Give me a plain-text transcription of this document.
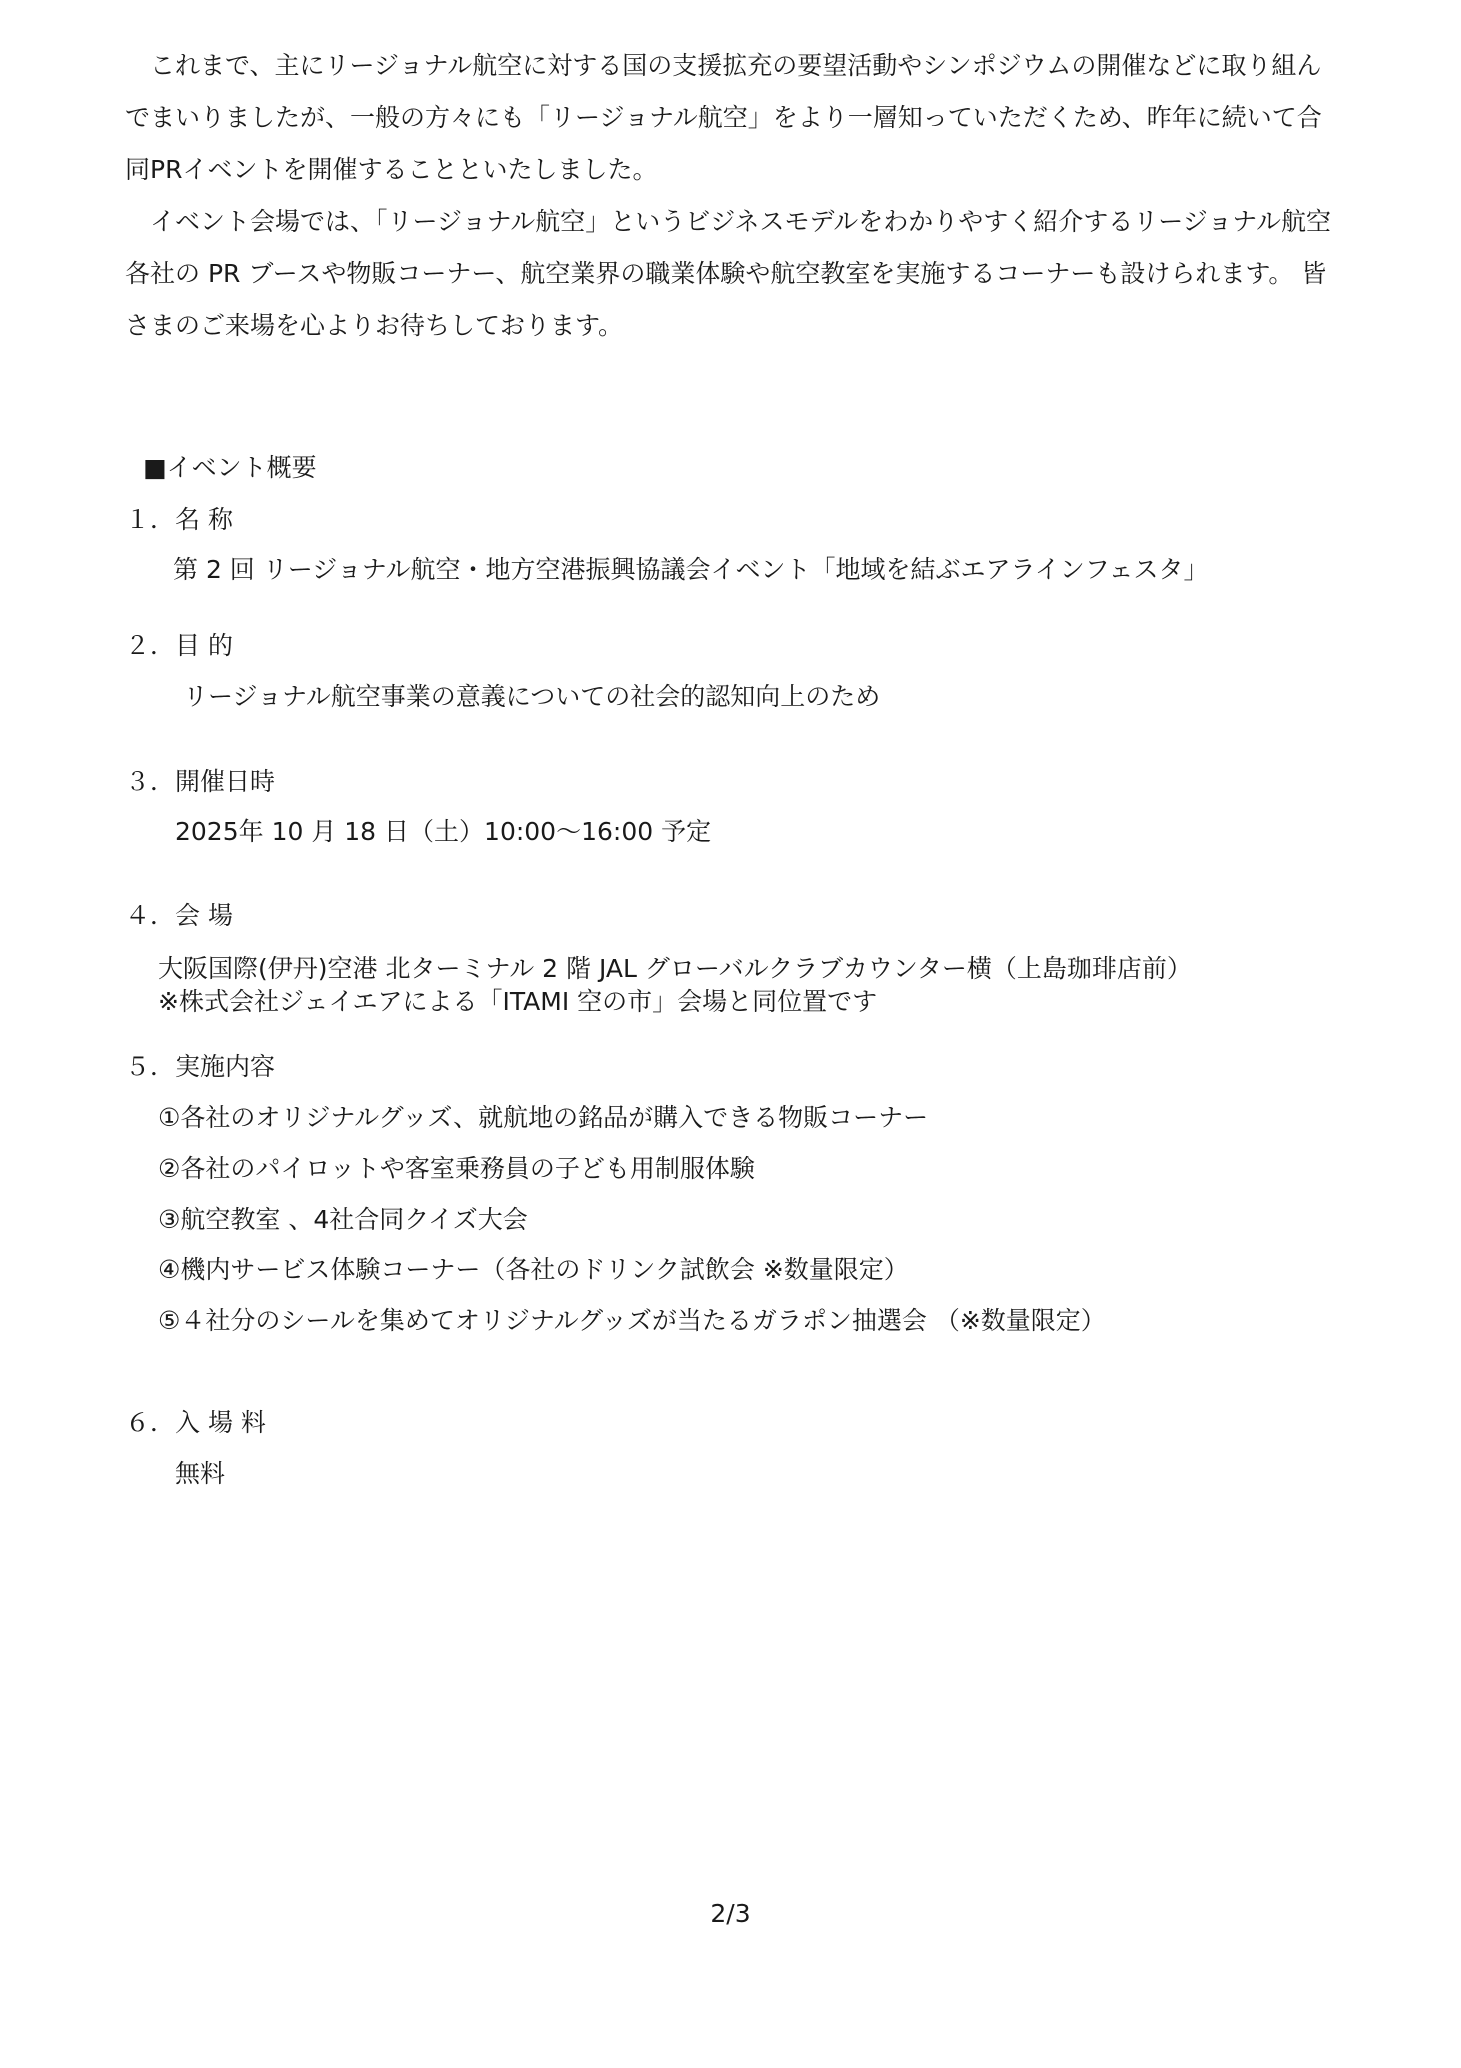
これまで、主にリージョナル航空に対する国の支援拡充の要望活動やシンポジウムの開催などに取り組んでまいりましたが、一般の方々にも「リージョナル航空」をより一層知っていただくため、昨年に続いて合同PRイベントを開催することといたしました。

イベント会場では、「リージョナル航空」というビジネスモデルをわかりやすく紹介するリージョナル航空各社の PR ブースや物販コーナー、航空業界の職業体験や航空教室を実施するコーナーも設けられます。 皆さまのご来場を心よりお待ちしております。

■イベント概要
１．名 称
第 2 回 リージョナル航空・地方空港振興協議会イベント「地域を結ぶエアラインフェスタ」
２．目 的
リージョナル航空事業の意義についての社会的認知向上のため
３．開催日時
2025年 10 月 18 日（土）10:00〜16:00 予定
４．会 場
大阪国際(伊丹)空港 北ターミナル 2 階 JAL グローバルクラブカウンター横（上島珈琲店前）
※株式会社ジェイエアによる「ITAMI 空の市」会場と同位置です
５．実施内容
①各社のオリジナルグッズ、就航地の銘品が購入できる物販コーナー
②各社のパイロットや客室乗務員の子ども用制服体験
③航空教室 、4社合同クイズ大会
④機内サービス体験コーナー（各社のドリンク試飲会 ※数量限定）
⑤４社分のシールを集めてオリジナルグッズが当たるガラポン抽選会 （※数量限定）
６．入 場 料
無料
2/3
